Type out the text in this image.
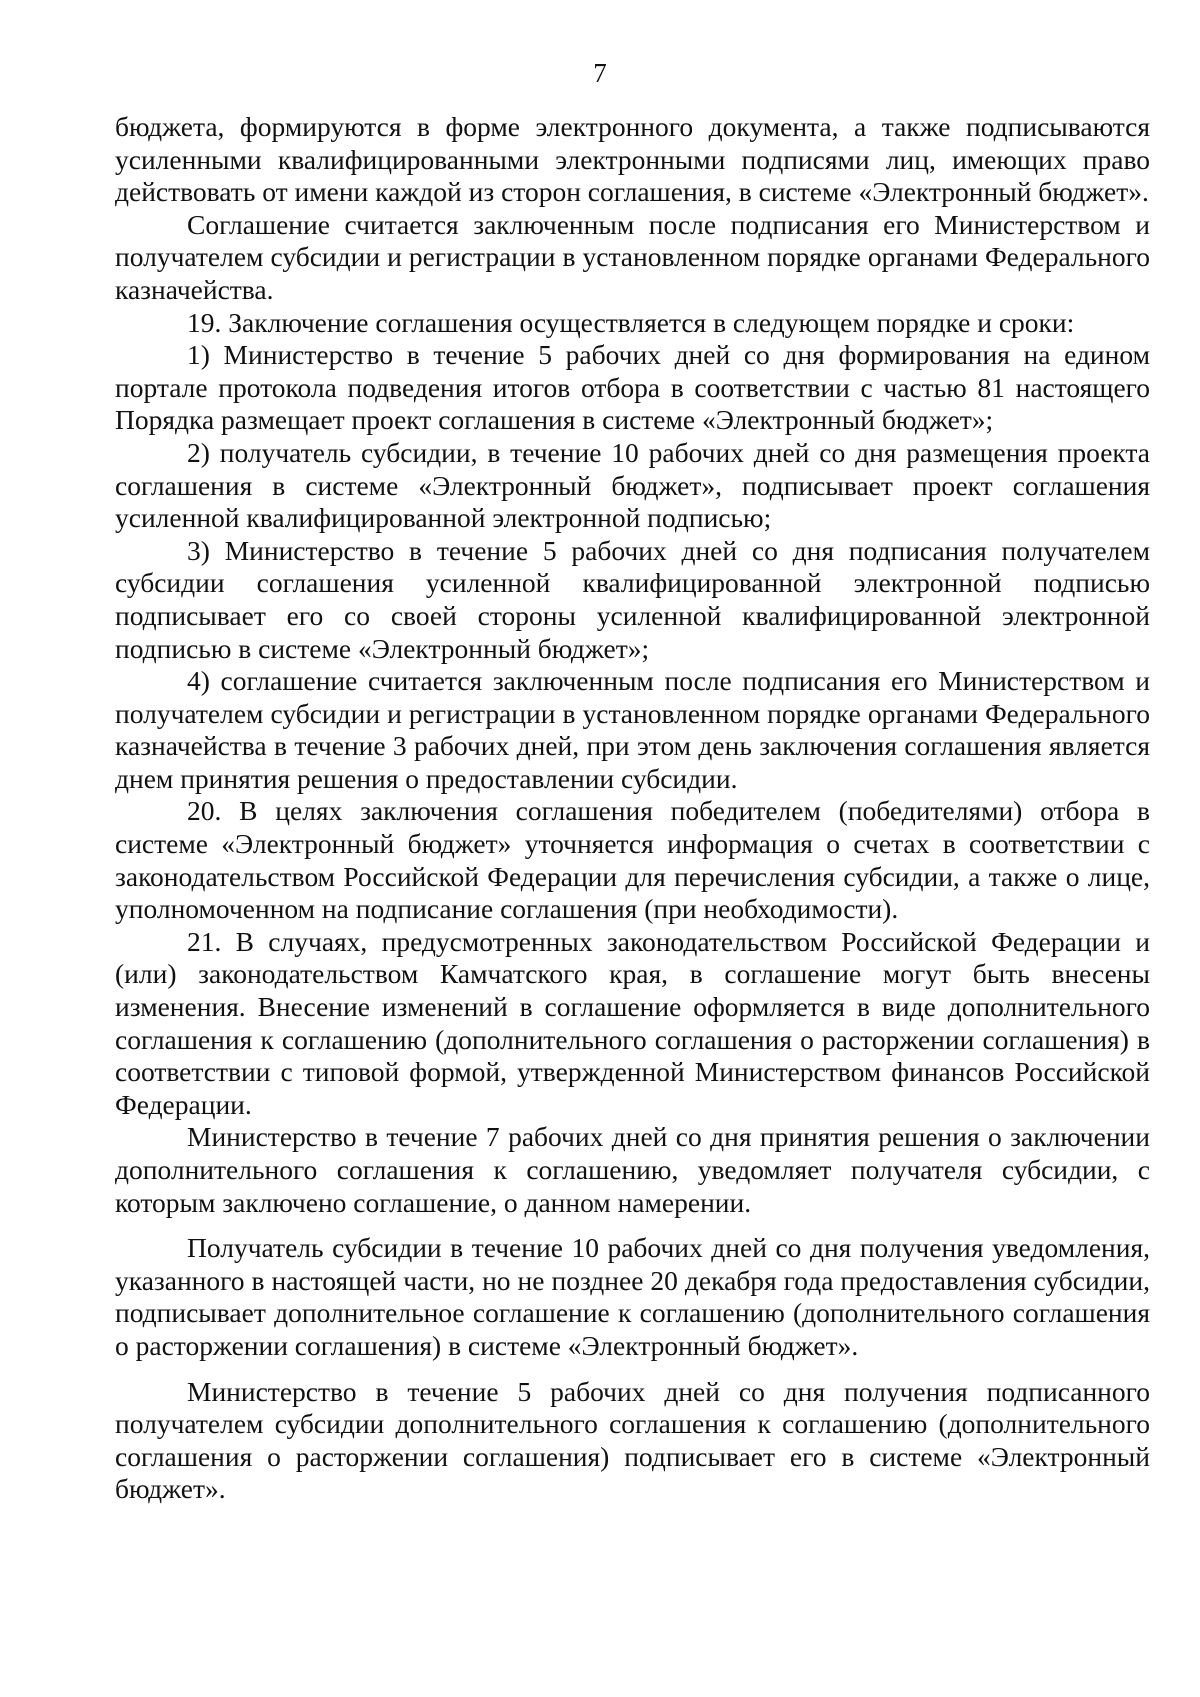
7

бюджета, формируются в форме электронного документа, а также подписываются усиленными квалифицированными электронными подписями лиц, имеющих право действовать от имени каждой из сторон соглашения, в системе «Электронный бюджет».

Соглашение считается заключенным после подписания его Министерством и получателем субсидии и регистрации в установленном порядке органами Федерального казначейства.

19. Заключение соглашения осуществляется в следующем порядке и сроки:

1) Министерство в течение 5 рабочих дней со дня формирования на едином портале протокола подведения итогов отбора в соответствии с частью 81 настоящего Порядка размещает проект соглашения в системе «Электронный бюджет»;

2) получатель субсидии, в течение 10 рабочих дней со дня размещения проекта соглашения в системе «Электронный бюджет», подписывает проект соглашения усиленной квалифицированной электронной подписью;

3) Министерство в течение 5 рабочих дней со дня подписания получателем субсидии соглашения усиленной квалифицированной электронной подписью подписывает его со своей стороны усиленной квалифицированной электронной подписью в системе «Электронный бюджет»;

4) соглашение считается заключенным после подписания его Министерством и получателем субсидии и регистрации в установленном порядке органами Федерального казначейства в течение 3 рабочих дней, при этом день заключения соглашения является днем принятия решения о предоставлении субсидии.

20. В целях заключения соглашения победителем (победителями) отбора в системе «Электронный бюджет» уточняется информация о счетах в соответствии с законодательством Российской Федерации для перечисления субсидии, а также о лице, уполномоченном на подписание соглашения (при необходимости).

21. В случаях, предусмотренных законодательством Российской Федерации и (или) законодательством Камчатского края, в соглашение могут быть внесены изменения. Внесение изменений в соглашение оформляется в виде дополнительного соглашения к соглашению (дополнительного соглашения о расторжении соглашения) в соответствии с типовой формой, утвержденной Министерством финансов Российской Федерации.

Министерство в течение 7 рабочих дней со дня принятия решения о заключении дополнительного соглашения к соглашению, уведомляет получателя субсидии, с которым заключено соглашение, о данном намерении.

Получатель субсидии в течение 10 рабочих дней со дня получения уведомления, указанного в настоящей части, но не позднее 20 декабря года предоставления субсидии, подписывает дополнительное соглашение к соглашению (дополнительного соглашения о расторжении соглашения) в системе «Электронный бюджет».

Министерство в течение 5 рабочих дней со дня получения подписанного получателем субсидии дополнительного соглашения к соглашению (дополнительного соглашения о расторжении соглашения) подписывает его в системе «Электронный бюджет».
